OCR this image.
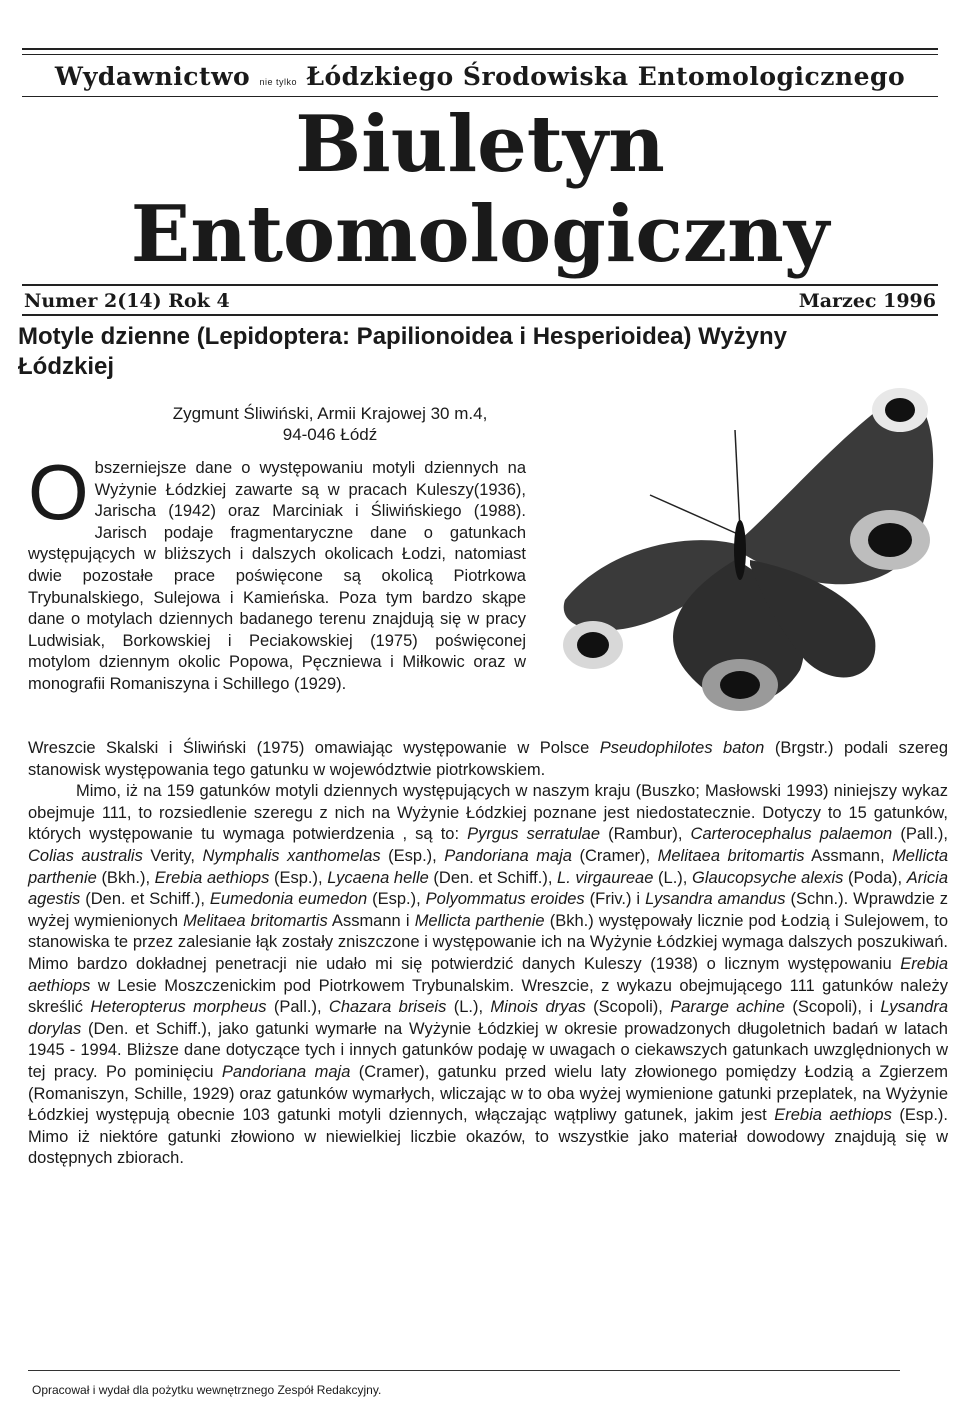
Wydawnictwo nie tylko Łódzkiego Środowiska Entomologicznego
Biuletyn
Entomologiczny
Numer 2(14) Rok 4	Marzec 1996
Motyle dzienne (Lepidoptera: Papilionoidea i Hesperioidea) Wyżyny Łódzkiej
Zygmunt Śliwiński, Armii Krajowej 30 m.4,
94-046 Łódź
O bszerniejsze dane o występowaniu motyli dziennych na Wyżynie Łódzkiej zawarte są w pracach Kuleszy(1936), Jarischa (1942) oraz Marciniak i Śliwińskiego (1988). Jarisch podaje fragmentaryczne dane o gatunkach występujących w bliższych i dalszych okolicach Łodzi, natomiast dwie pozostałe prace poświęcone są okolicą Piotrkowa Trybunalskiego, Sulejowa i Kamieńska. Poza tym bardzo skąpe dane o motylach dziennych badanego terenu znajdują się w pracy Ludwisiak, Borkowskiej i Peciakowskiej (1975) poświęconej motylom dziennym okolic Popowa, Pęczniewa i Miłkowic oraz w monografii Romaniszyna i Schillego (1929).

Wreszcie Skalski i Śliwiński (1975) omawiając występowanie w Polsce Pseudophilotes baton (Brgstr.) podali szereg stanowisk występowania tego gatunku w województwie piotrkowskiem.

Mimo, iż na 159 gatunków motyli dziennych występujących w naszym kraju (Buszko; Masłowski 1993) niniejszy wykaz obejmuje 111, to rozsiedlenie szeregu z nich na Wyżynie Łódzkiej poznane jest niedostatecznie. Dotyczy to 15 gatunków, których występowanie tu wymaga potwierdzenia , są to: Pyrgus serratulae (Rambur), Carterocephalus palaemon (Pall.), Colias australis Verity, Nymphalis xanthomelas (Esp.), Pandoriana maja (Cramer), Melitaea britomartis Assmann, Mellicta parthenie (Bkh.), Erebia aethiops (Esp.), Lycaena helle (Den. et Schiff.), L. virgaureae (L.), Glaucopsyche alexis (Poda), Aricia agestis (Den. et Schiff.), Eumedonia eumedon (Esp.), Polyommatus eroides (Friv.) i Lysandra amandus (Schn.). Wprawdzie z wyżej wymienionych Melitaea britomartis Assmann i Mellicta parthenie (Bkh.) występowały licznie pod Łodzią i Sulejowem, to stanowiska te przez zalesianie łąk zostały zniszczone i występowanie ich na Wyżynie Łódzkiej wymaga dalszych poszukiwań. Mimo bardzo dokładnej penetracji nie udało mi się potwierdzić danych Kuleszy (1938) o licznym występowaniu Erebia aethiops w Lesie Moszczenickim pod Piotrkowem Trybunalskim. Wreszcie, z wykazu obejmującego 111 gatunków należy skreślić Heteropterus morpheus (Pall.), Chazara briseis (L.), Minois dryas (Scopoli), Pararge achine (Scopoli), i Lysandra dorylas (Den. et Schiff.), jako gatunki wymarłe na Wyżynie Łódzkiej w okresie prowadzonych długoletnich badań w latach 1945 - 1994. Bliższe dane dotyczące tych i innych gatunków podaję w uwagach o ciekawszych gatunkach uwzględnionych w tej pracy. Po pominięciu Pandoriana maja (Cramer), gatunku przed wielu laty złowionego pomiędzy Łodzią a Zgierzem (Romaniszyn, Schille, 1929) oraz gatunków wymarłych, wliczając w to oba wyżej wymienione gatunki przeplatek, na Wyżynie Łódzkiej występują obecnie 103 gatunki motyli dziennych, włączając wątpliwy gatunek, jakim jest Erebia aethiops (Esp.). Mimo iż niektóre gatunki złowiono w niewielkiej liczbie okazów, to wszystkie jako materiał dowodowy znajdują się w dostępnych zbiorach.

Opracował i wydał dla pożytku wewnętrznego Zespół Redakcyjny.
